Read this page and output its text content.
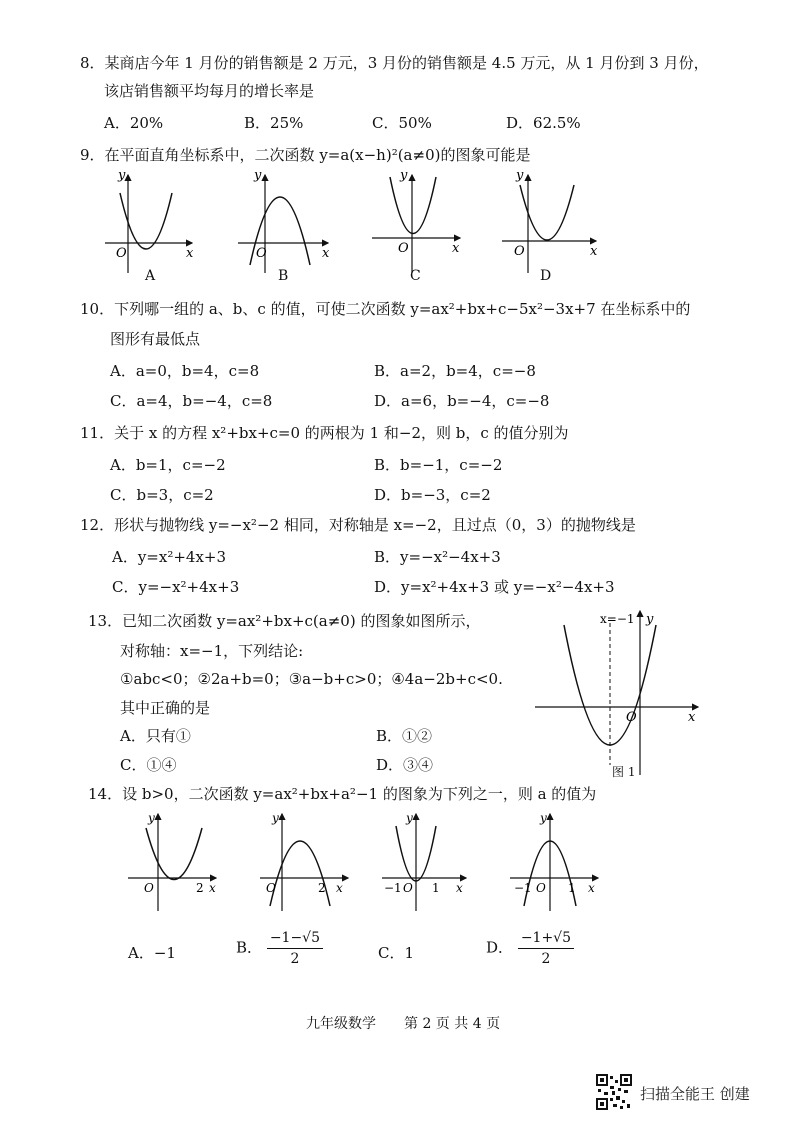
8．某商店今年 1 月份的销售额是 2 万元，3 月份的销售额是 4.5 万元，从 1 月份到 3 月份，
该店销售额平均每月的增长率是
A．20%	B．25%	C．50%	D．62.5%
9．在平面直角坐标系中，二次函数 y=a(x−h)²(a≠0)的图象可能是
y
x
O
y
x
O
y
x
O
y
x
O
A	B	C	D
10．下列哪一组的 a、b、c 的值，可使二次函数 y=ax²+bx+c−5x²−3x+7 在坐标系中的
图形有最低点
A．a=0，b=4，c=8	B．a=2，b=4，c=−8
C．a=4，b=−4，c=8	D．a=6，b=−4，c=−8
11．关于 x 的方程 x²+bx+c=0 的两根为 1 和−2，则 b，c 的值分别为
A．b=1，c=−2	B．b=−1，c=−2
C．b=3，c=2	D．b=−3，c=2
12．形状与抛物线 y=−x²−2 相同，对称轴是 x=−2，且过点（0，3）的抛物线是
A．y=x²+4x+3	B．y=−x²−4x+3
C．y=−x²+4x+3	D．y=x²+4x+3 或 y=−x²−4x+3
13．已知二次函数 y=ax²+bx+c(a≠0) 的图象如图所示，
对称轴：x=−1，下列结论:
①abc<0；②2a+b=0；③a−b+c>0；④4a−2b+c<0.
其中正确的是
A．只有①	B．①②
C．①④	D．③④
x=−1 y
x
O
图 1
14．设 b>0，二次函数 y=ax²+bx+a²−1 的图象为下列之一，则 a 的值为
y
O	2 x
y
O	2 x
y
−1 O 1 x
y
−1 O 1 x
A．−1	B． $\frac{-1-√5}{2}$	C．1	D． $\frac{-1+√5}{2}$
九年级数学　　第 2 页 共 4 页
扫描全能王 创建
